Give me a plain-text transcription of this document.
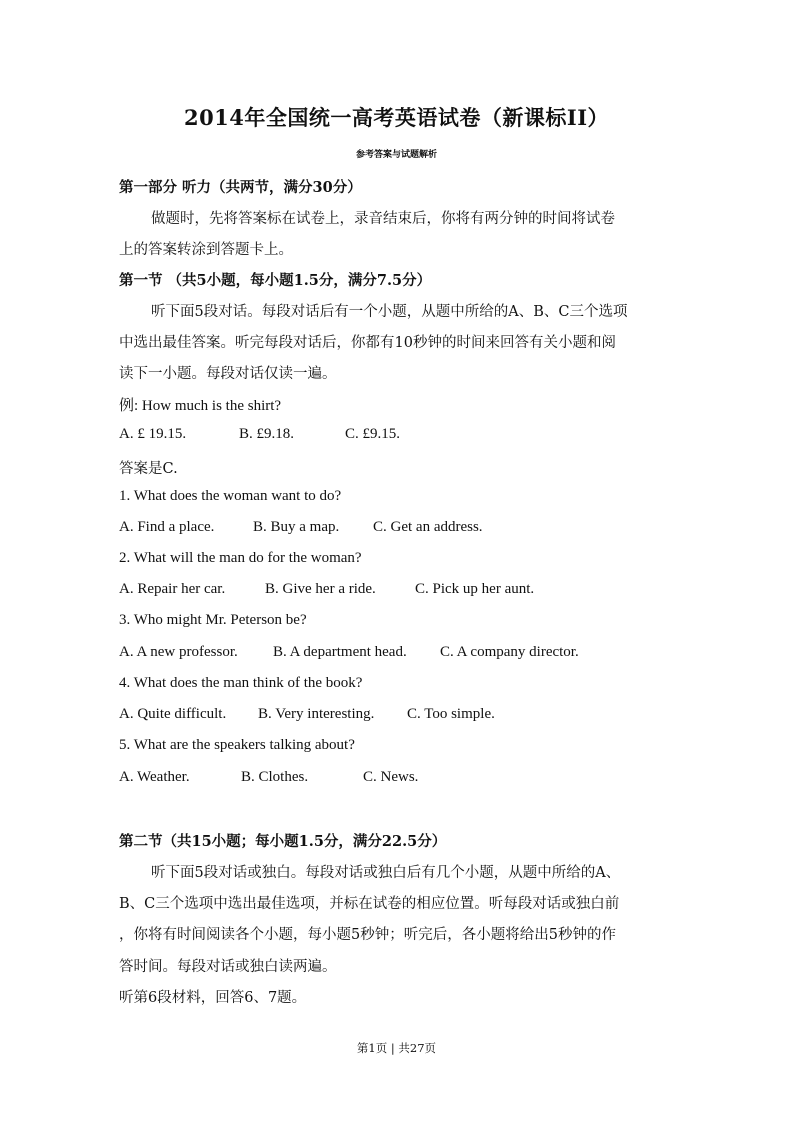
2014年全国统一高考英语试卷（新课标II）
参考答案与试题解析
第一部分 听力（共两节，满分30分）
做题时，先将答案标在试卷上，录音结束后，你将有两分钟的时间将试卷
上的答案转涂到答题卡上。
第一节 （共5小题，每小题1.5分，满分7.5分）
听下面5段对话。每段对话后有一个小题，从题中所给的A、B、C三个选项
中选出最佳答案。听完每段对话后，你都有10秒钟的时间来回答有关小题和阅
读下一小题。每段对话仅读一遍。
例: How much is the shirt?
A. £ 19.15.	B. £9.18.	C. £9.15.
答案是C.
1. What does the woman want to do?
A. Find a place.	B. Buy a map. C. Get an address.
2. What will the man do for the woman?
A. Repair her car.	B. Give her a ride.	C. Pick up her aunt.
3. Who might Mr. Peterson be?
A. A new professor. B. A department head. C. A company director.
4. What does the man think of the book?
A. Quite difficult. B. Very interesting. C. Too simple.
5. What are the speakers talking about?
A. Weather.	B. Clothes.	C. News.
第二节（共15小题；每小题1.5分，满分22.5分）
听下面5段对话或独白。每段对话或独白后有几个小题，从题中所给的A、
B、C三个选项中选出最佳选项，并标在试卷的相应位置。听每段对话或独白前
，你将有时间阅读各个小题，每小题5秒钟；听完后，各小题将给出5秒钟的作
答时间。每段对话或独白读两遍。
听第6段材料，回答6、7题。
第1页 | 共27页
